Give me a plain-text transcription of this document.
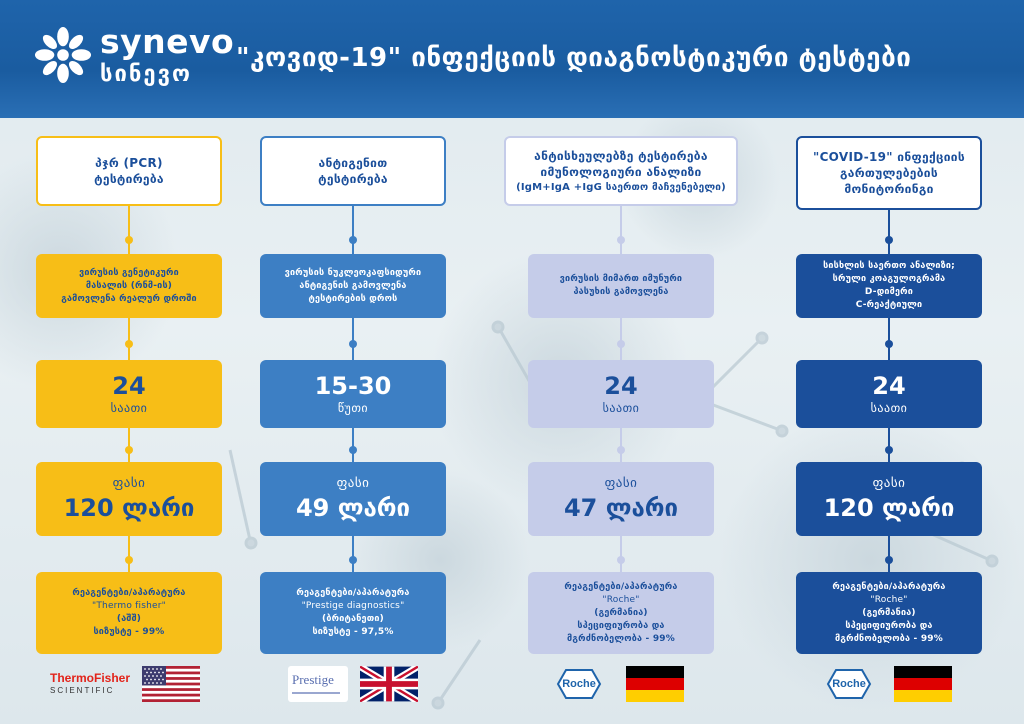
synevo
სინევო
"კოვიდ-19" ინფექციის დიაგნოსტიკური ტესტები
პჯრ (PCR)
ტესტირება
ვირუსის გენეტიკური
მასალის (რნმ-ის)
გამოვლენა რეალურ დროში
24
საათი
ფასი
120 ლარი
რეაგენტები/აპარატურა
"Thermo fisher"
(აშშ)
სიზუსტე - 99%
ThermoFisher
SCIENTIFIC
ანტიგენით
ტესტირება
ვირუსის ნუკლეოკაფსიდური
ანტიგენის გამოვლენა
ტესტირების დროს
15-30
წუთი
ფასი
49 ლარი
რეაგენტები/აპარატურა
"Prestige diagnostics"
(ბრიტანეთი)
სიზუსტე - 97,5%
Prestige
ანტისხეულებზე ტესტირება
იმუნოლოგიური ანალიზი
(IgM+IgA +IgG საერთო მაჩვენებელი)
ვირუსის მიმართ იმუნური
პასუხის გამოვლენა
24
საათი
ფასი
47 ლარი
რეაგენტები/აპარატურა
"Roche"
(გერმანია)
სპეციფიურობა და
მგრძნობელობა - 99%
Roche
"COVID-19" ინფექციის
გართულებების
მონიტორინგი
სისხლის საერთო ანალიზი;
სრული კოაგულოგრამა
D-დიმერი
C-რეაქტიული
24
საათი
ფასი
120 ლარი
რეაგენტები/აპარატურა
"Roche"
(გერმანია)
სპეციფიურობა და
მგრძნობელობა - 99%
Roche
